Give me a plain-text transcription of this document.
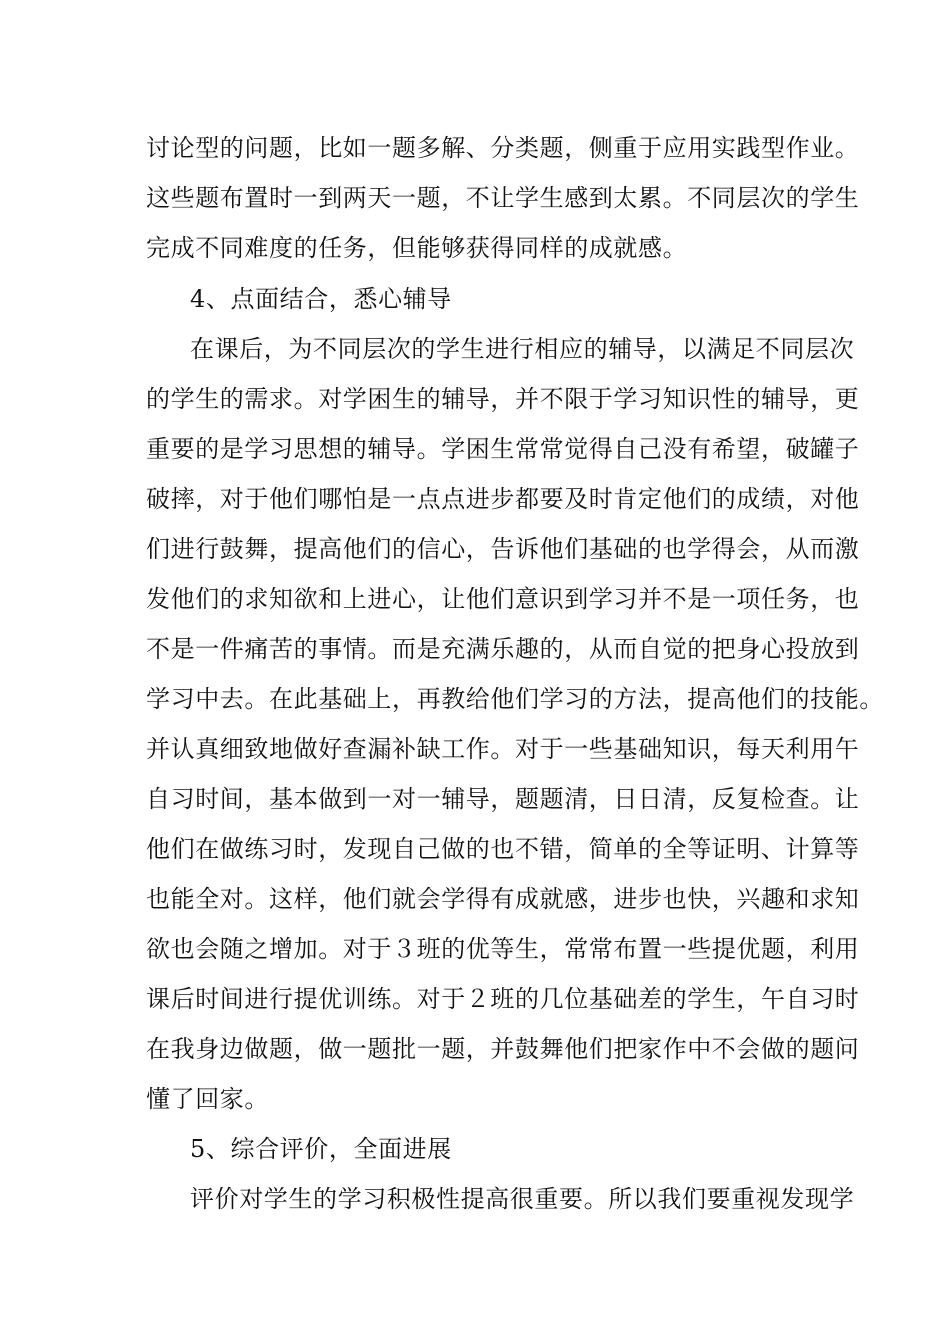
讨论型的问题，比如一题多解、分类题，侧重于应用实践型作业。
这些题布置时一到两天一题，不让学生感到太累。不同层次的学生
完成不同难度的任务，但能够获得同样的成就感。
4、点面结合，悉心辅导
在课后，为不同层次的学生进行相应的辅导，以满足不同层次
的学生的需求。对学困生的辅导，并不限于学习知识性的辅导，更
重要的是学习思想的辅导。学困生常常觉得自己没有希望，破罐子
破摔，对于他们哪怕是一点点进步都要及时肯定他们的成绩，对他
们进行鼓舞，提高他们的信心，告诉他们基础的也学得会，从而激
发他们的求知欲和上进心，让他们意识到学习并不是一项任务，也
不是一件痛苦的事情。而是充满乐趣的，从而自觉的把身心投放到
学习中去。在此基础上，再教给他们学习的方法，提高他们的技能。
并认真细致地做好查漏补缺工作。对于一些基础知识，每天利用午
自习时间，基本做到一对一辅导，题题清，日日清，反复检查。让
他们在做练习时，发现自己做的也不错，简单的全等证明、计算等
也能全对。这样，他们就会学得有成就感，进步也快，兴趣和求知
欲也会随之增加。对于３班的优等生，常常布置一些提优题，利用
课后时间进行提优训练。对于２班的几位基础差的学生，午自习时
在我身边做题，做一题批一题，并鼓舞他们把家作中不会做的题问
懂了回家。
5、综合评价，全面进展
评价对学生的学习积极性提高很重要。所以我们要重视发现学
